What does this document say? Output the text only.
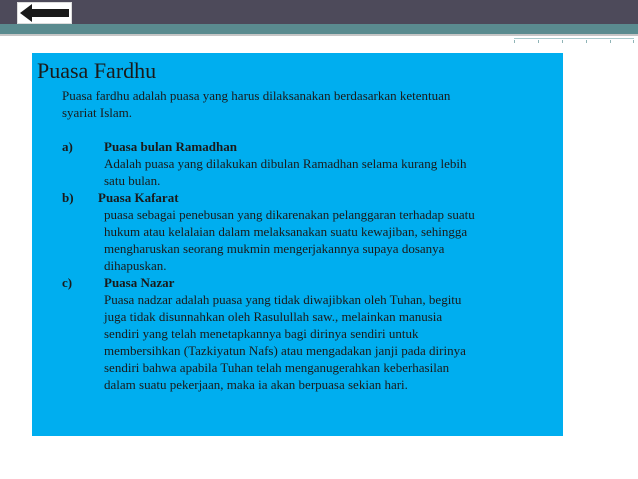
Puasa Fardhu
Puasa fardhu adalah puasa yang harus dilaksanakan berdasarkan ketentuan
syariat Islam.
a) Puasa bulan Ramadhan
Adalah puasa yang dilakukan dibulan Ramadhan selama kurang lebih
satu bulan.
b) Puasa Kafarat
puasa sebagai penebusan yang dikarenakan pelanggaran terhadap suatu
hukum atau kelalaian dalam melaksanakan suatu kewajiban, sehingga
mengharuskan seorang mukmin mengerjakannya supaya dosanya
dihapuskan.
c) Puasa Nazar
Puasa nadzar adalah puasa yang tidak diwajibkan oleh Tuhan, begitu
juga tidak disunnahkan oleh Rasulullah saw., melainkan manusia
sendiri yang telah menetapkannya bagi dirinya sendiri untuk
membersihkan (Tazkiyatun Nafs) atau mengadakan janji pada dirinya
sendiri bahwa apabila Tuhan telah menganugerahkan keberhasilan
dalam suatu pekerjaan, maka ia akan berpuasa sekian hari.
